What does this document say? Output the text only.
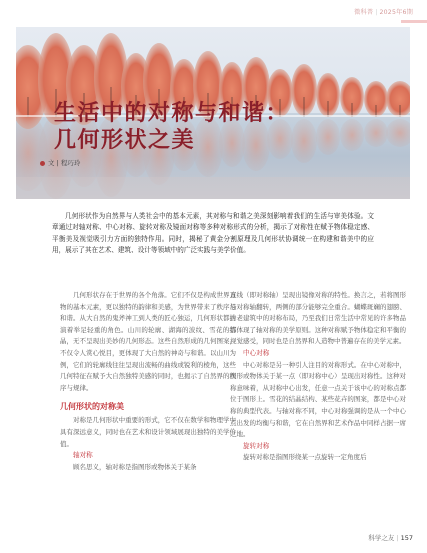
微科普 | 2025年6期
生活中的对称与和谐：
几何形状之美
文 | 程巧玲

几何形状作为自然界与人类社会中的基本元素，其对称与和谐之美深刻影响着我们的生活与审美体验。文章通过对轴对称、中心对称、旋转对称及镜面对称等多种对称形式的分析，揭示了对称性在赋予物体稳定感、平衡美及视觉吸引力方面的独特作用。同时，揭秘了黄金分割原理及几何形状协调统一在构建和谐美中的应用，展示了其在艺术、建筑、设计等领域中的广泛实践与美学价值。

几何形状存在于世界的各个角落。它们不仅是构成世界万物的基本元素，更以独特的韵律和美感，为世界带来了秩序与和谐。从大自然的鬼斧神工到人类的匠心独运，几何形状都扮演着举足轻重的角色。山川的轮廓、湖海的波纹、雪花的结晶，无不呈现出美妙的几何形态。这些自然形成的几何图案，不仅令人赏心悦目，更体现了大自然的神奇与和谐。以山川为例，它们的轮廓线往往呈现出流畅的曲线或锐利的棱角，这些几何特征在赋予大自然独特美感的同时，也揭示了自然界的秩序与规律。

几何形状的对称美

对称是几何形状中重要的形式，它不仅在数学和物理学中具有深远意义，同时也在艺术和设计领域展现出独特的美学价值。

轴对称

顾名思义，轴对称是指图形或物体关于某条

直线（即对称轴）呈现出镜像对称的特性。换言之，若将图形沿对称轴翻转，两侧的部分能够完全重合。蝴蝶斑斓的翅膀、古老建筑中的对称布局，乃至我们日常生活中常见的许多物品都体现了轴对称的美学原则。这种对称赋予物体稳定和平衡的视觉感受，同时也是自然界和人造物中普遍存在的美学元素。

中心对称

中心对称是另一种引人注目的对称形式。在中心对称中，图形或物体关于某一点（即对称中心）呈现出对称性。这种对称意味着，从对称中心出发，任意一点关于该中心的对称点都位于图形上。雪花的结晶结构、某些花卉的图案，都是中心对称的典型代表。与轴对称不同，中心对称强调的是从一个中心点出发的均衡与和谐，它在自然界和艺术作品中同样占据一席之地。

旋转对称

旋转对称是指图形绕某一点旋转一定角度后

科学之友 | 157
